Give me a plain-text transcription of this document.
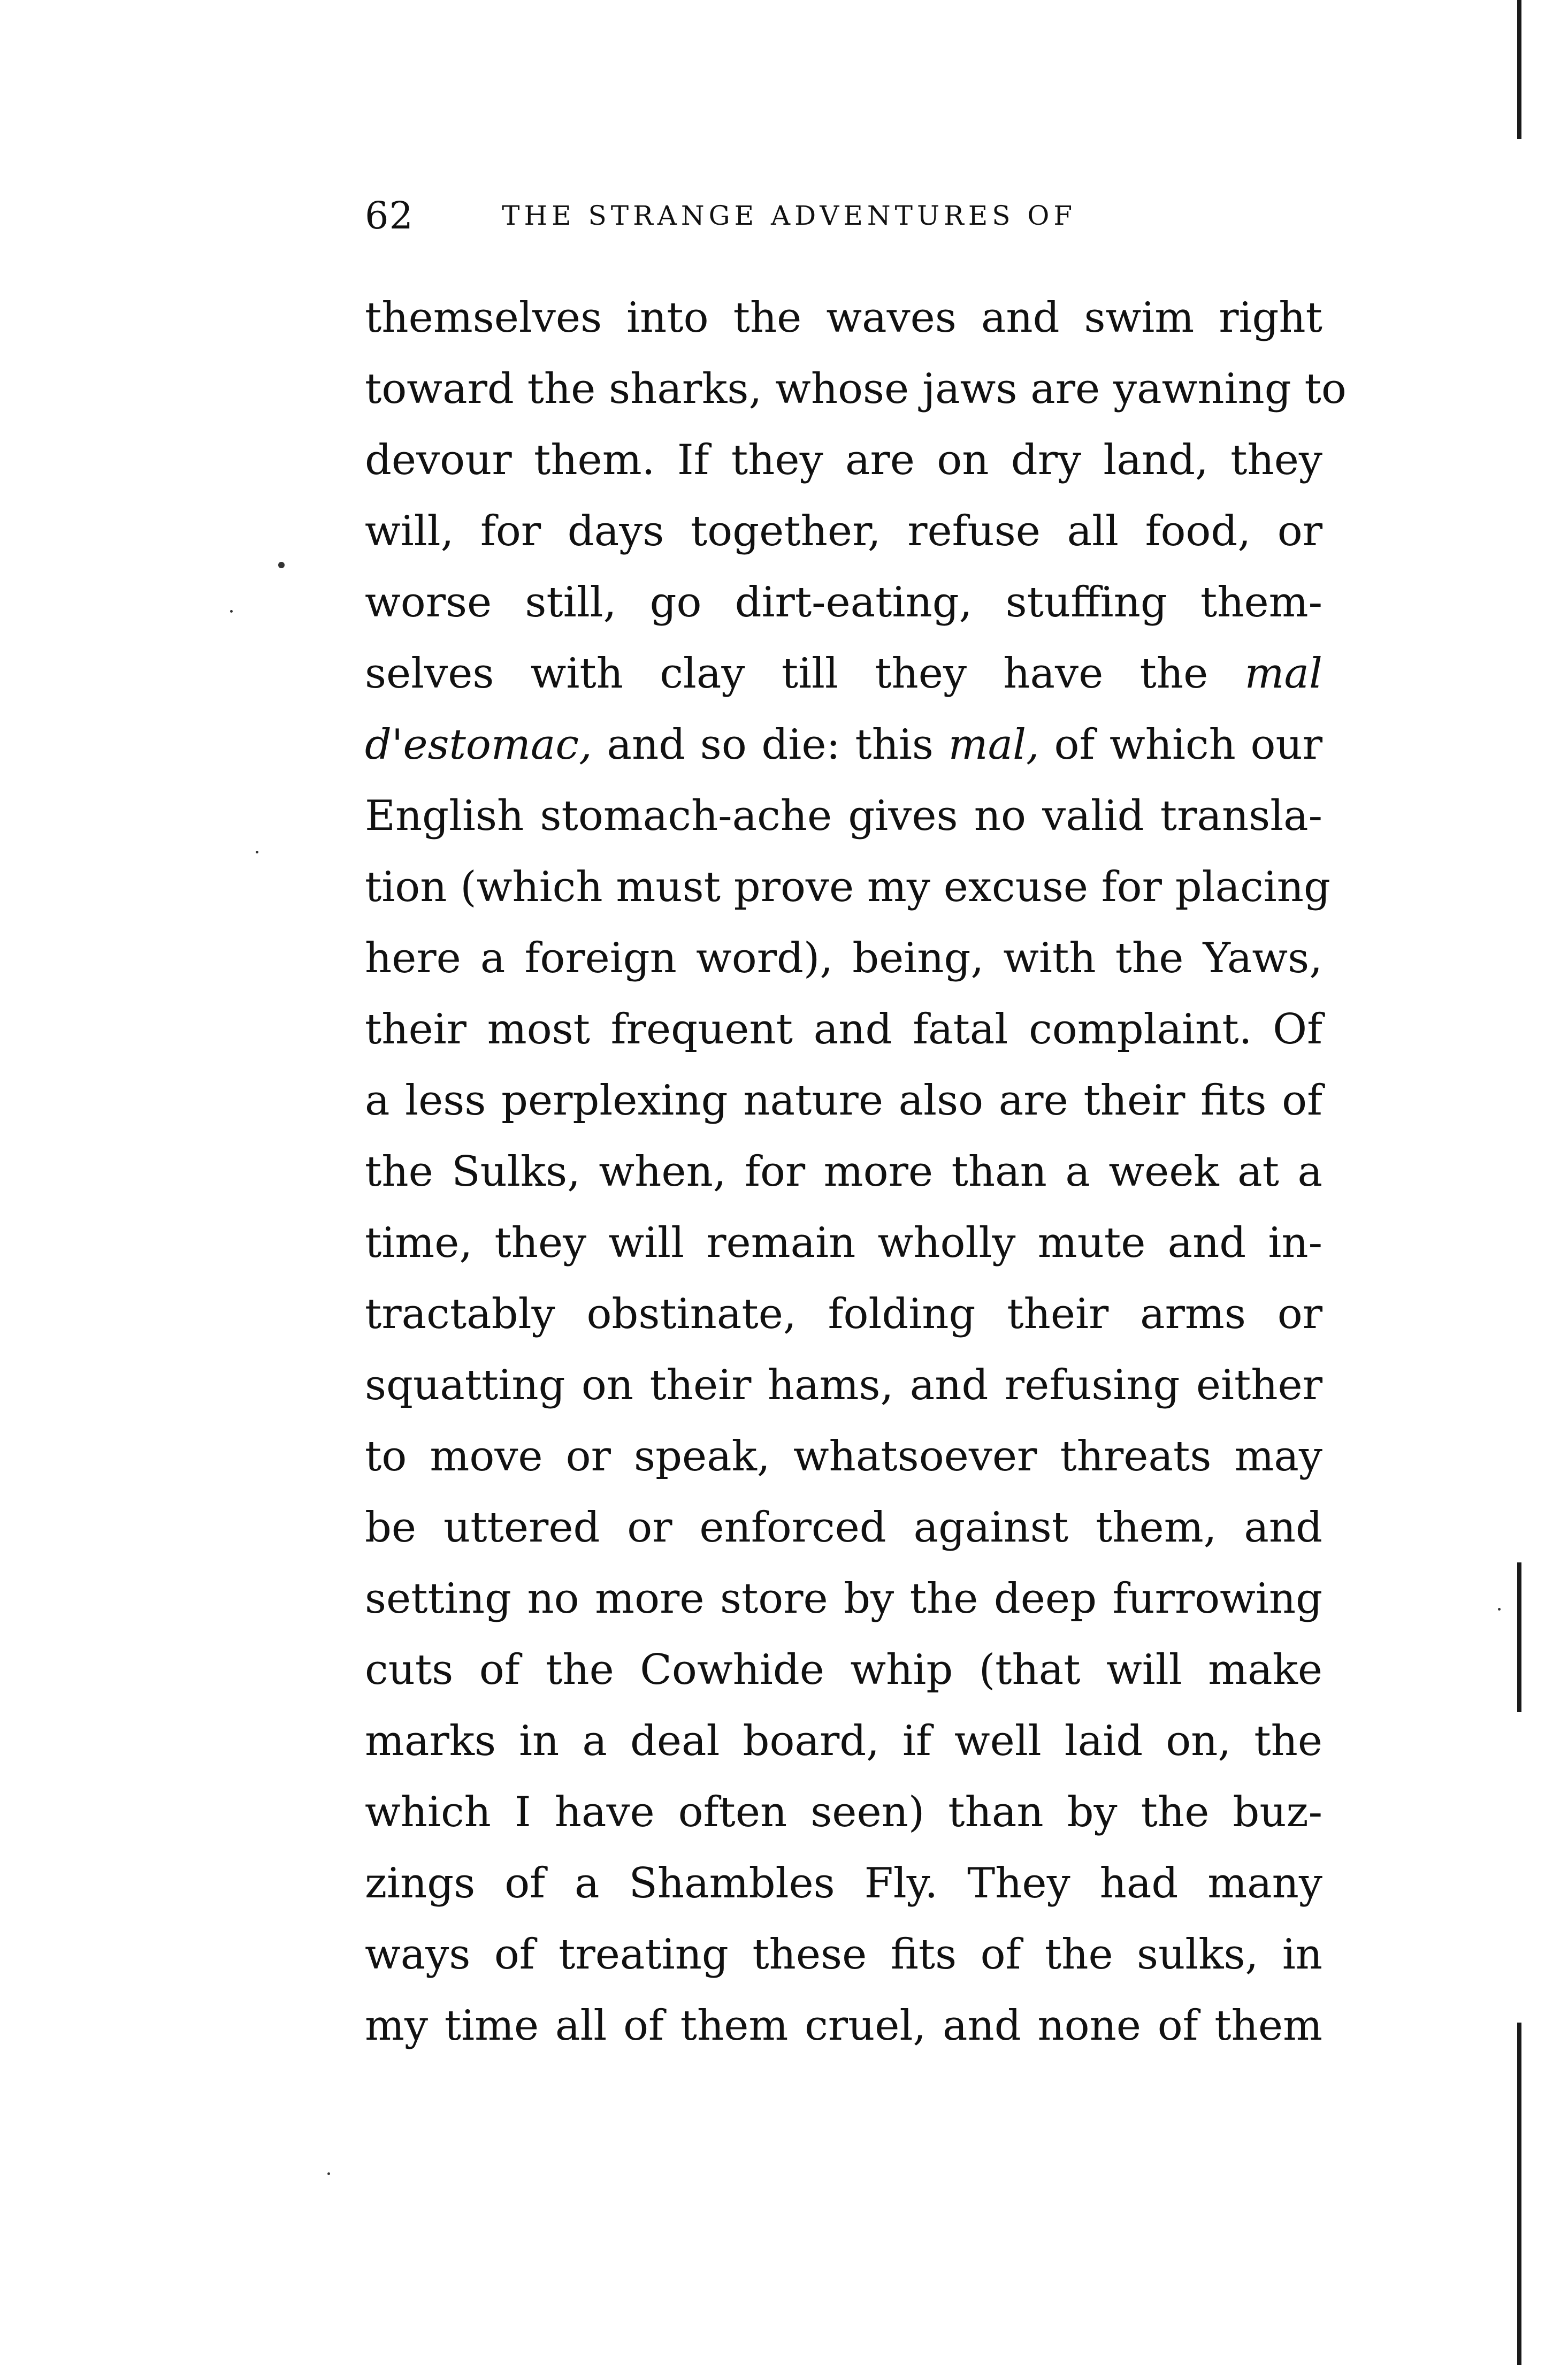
62	THE STRANGE ADVENTURES OF
themselves into the waves and swim right
toward the sharks, whose jaws are yawning to
devour them. If they are on dry land, they
will, for days together, refuse all food, or
worse still, go dirt-eating, stuffing them-
selves with clay till they have the mal
d'estomac, and so die: this mal, of which our
English stomach-ache gives no valid transla-
tion (which must prove my excuse for placing
here a foreign word), being, with the Yaws,
their most frequent and fatal complaint. Of
a less perplexing nature also are their fits of
the Sulks, when, for more than a week at a
time, they will remain wholly mute and in-
tractably obstinate, folding their arms or
squatting on their hams, and refusing either
to move or speak, whatsoever threats may
be uttered or enforced against them, and
setting no more store by the deep furrowing
cuts of the Cowhide whip (that will make
marks in a deal board, if well laid on, the
which I have often seen) than by the buz-
zings of a Shambles Fly. They had many
ways of treating these fits of the sulks, in
my time all of them cruel, and none of them
